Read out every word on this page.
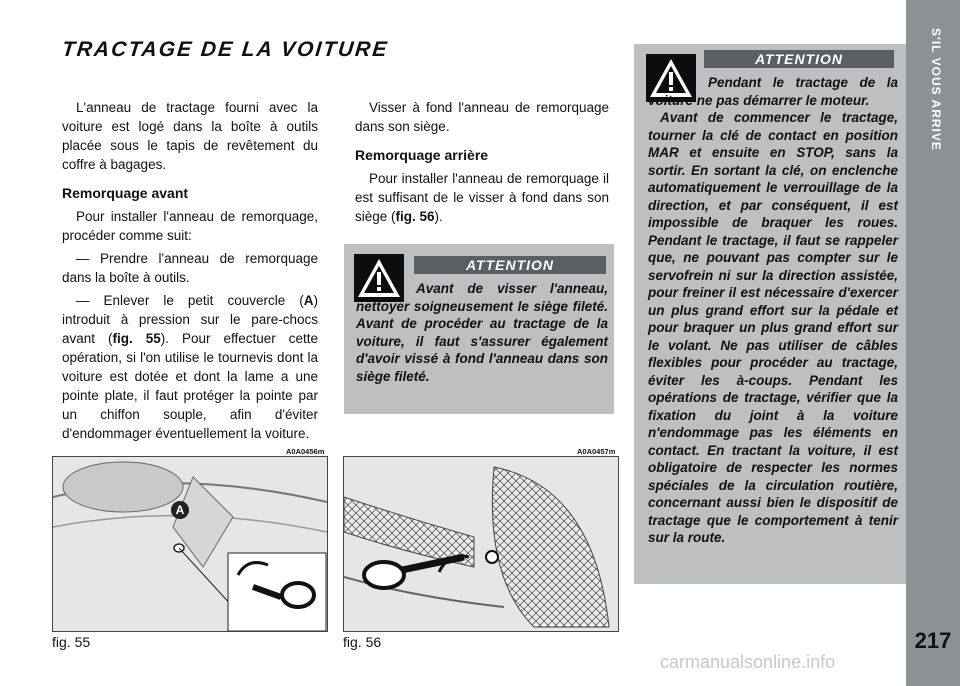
S'IL VOUS ARRIVE
217
TRACTAGE DE LA VOITURE

L'anneau de tractage fourni avec la voiture est logé dans la boîte à outils placée sous le tapis de revêtement du coffre à bagages.

Remorquage avant

Pour installer l'anneau de remorquage, procéder comme suit:

— Prendre l'anneau de remorquage dans la boîte à outils.

— Enlever le petit couvercle (A) introduit à pression sur le pare-chocs avant (fig. 55). Pour effectuer cette opération, si l'on utilise le tournevis dont la voiture est dotée et dont la lame a une pointe plate, il faut protéger la pointe par un chiffon souple, afin d'éviter d'endommager éventuellement la voiture.

Visser à fond l'anneau de remorquage dans son siège.

Remorquage arrière

Pour installer l'anneau de remorquage il est suffisant de le visser à fond dans son siège (fig. 56).

ATTENTION
Avant de visser l'anneau, nettoyer soigneusement le siège fileté. Avant de procéder au tractage de la voiture, il faut s'assurer également d'avoir vissé à fond l'anneau dans son siège fileté.
ATTENTION
Pendant le tractage de la voiture ne pas démarrer le moteur.
Avant de commencer le tractage, tourner la clé de contact en position MAR et ensuite en STOP, sans la sortir. En sortant la clé, on enclenche automatiquement le verrouillage de la direction, et par conséquent, il est impossible de braquer les roues. Pendant le tractage, il faut se rappeler que, ne pouvant pas compter sur le servofrein ni sur la direction assistée, pour freiner il est nécessaire d'exercer un plus grand effort sur la pédale et pour braquer un plus grand effort sur le volant. Ne pas utiliser de câbles flexibles pour procéder au tractage, éviter les à-coups. Pendant les opérations de tractage, vérifier que la fixation du joint à la voiture n'endommage pas les éléments en contact. En tractant la voiture, il est obligatoire de respecter les normes spéciales de la circulation routière, concernant aussi bien le dispositif de tractage que le comportement à tenir sur la route.
A0A0456m
A
fig. 55
A0A0457m
fig. 56
carmanualsonline.info
